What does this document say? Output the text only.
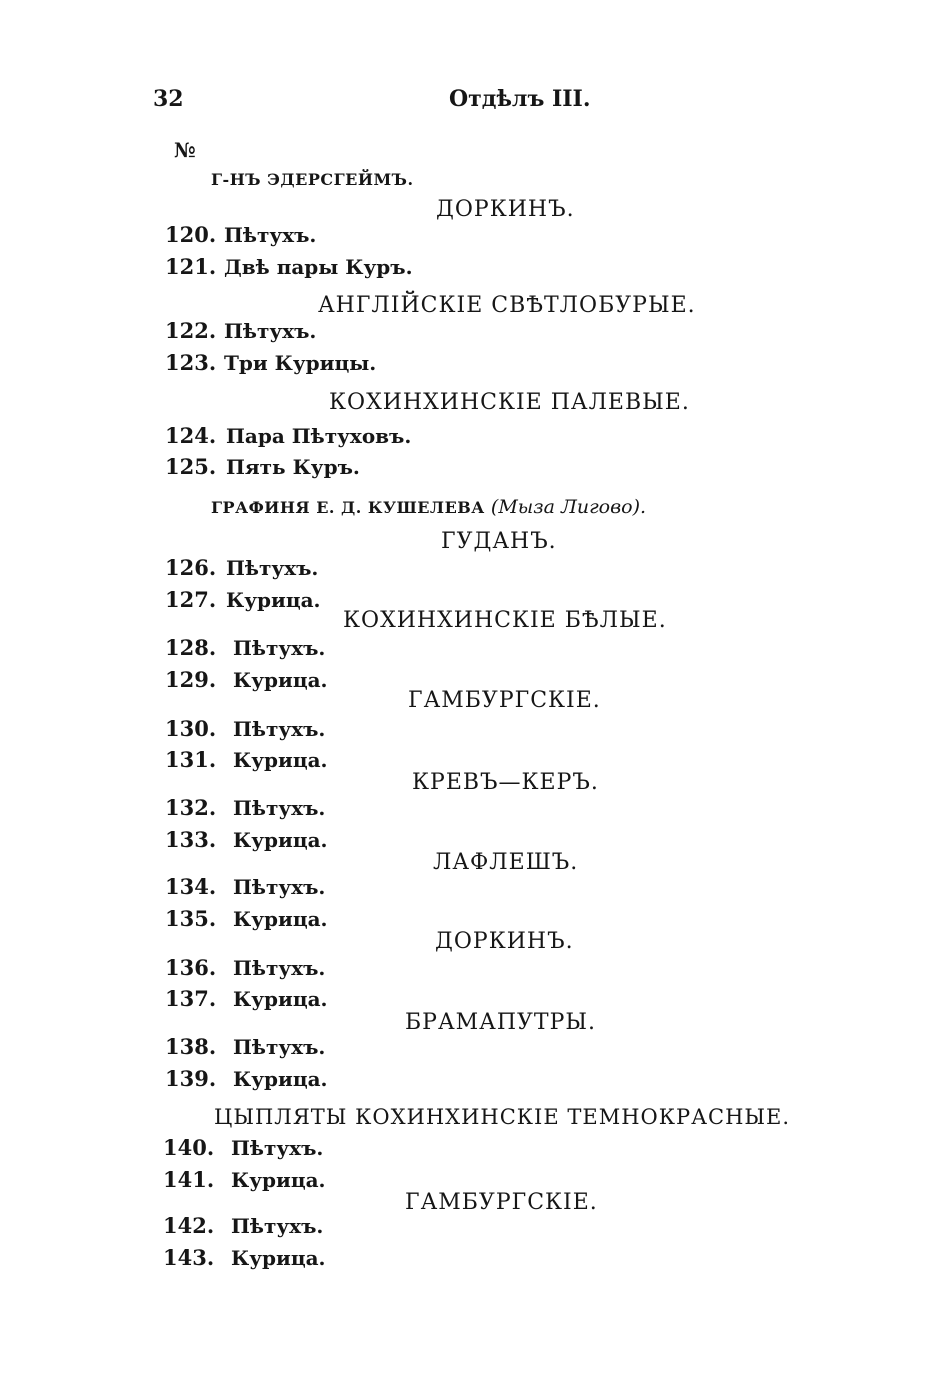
32	Отдѣлъ III.
№
Г-НЪ ЭДЕРСГЕЙМЪ.
ГРАФИНЯ Е. Д. КУШЕЛЕВА (Мыза Лигово).
ДОРКИНЪ.
АНГЛІЙСКІЕ СВѢТЛОБУРЫЕ.
КОХИНХИНСКІЕ ПАЛЕВЫЕ.
ГУДАНЪ.
КОХИНХИНСКІЕ БѢЛЫЕ.
ГАМБУРГСКІЕ.
КРЕВЪ—КЕРЪ.
ЛАФЛЕШЪ.
ДОРКИНЪ.
БРАМАПУТРЫ.
ЦЫПЛЯТЫ КОХИНХИНСКІЕ ТЕМНОКРАСНЫЕ.
ГАМБУРГСКІЕ.
120. Пѣтухъ.
121. Двѣ пары Куръ.
122. Пѣтухъ.
123. Три Курицы.
124. Пара Пѣтуховъ.
125. Пять Куръ.
126. Пѣтухъ.
127. Курица.
128. Пѣтухъ.
129. Курица.
130. Пѣтухъ.
131. Курица.
132. Пѣтухъ.
133. Курица.
134. Пѣтухъ.
135. Курица.
136. Пѣтухъ.
137. Курица.
138. Пѣтухъ.
139. Курица.
140. Пѣтухъ.
141. Курица.
142. Пѣтухъ.
143. Курица.
